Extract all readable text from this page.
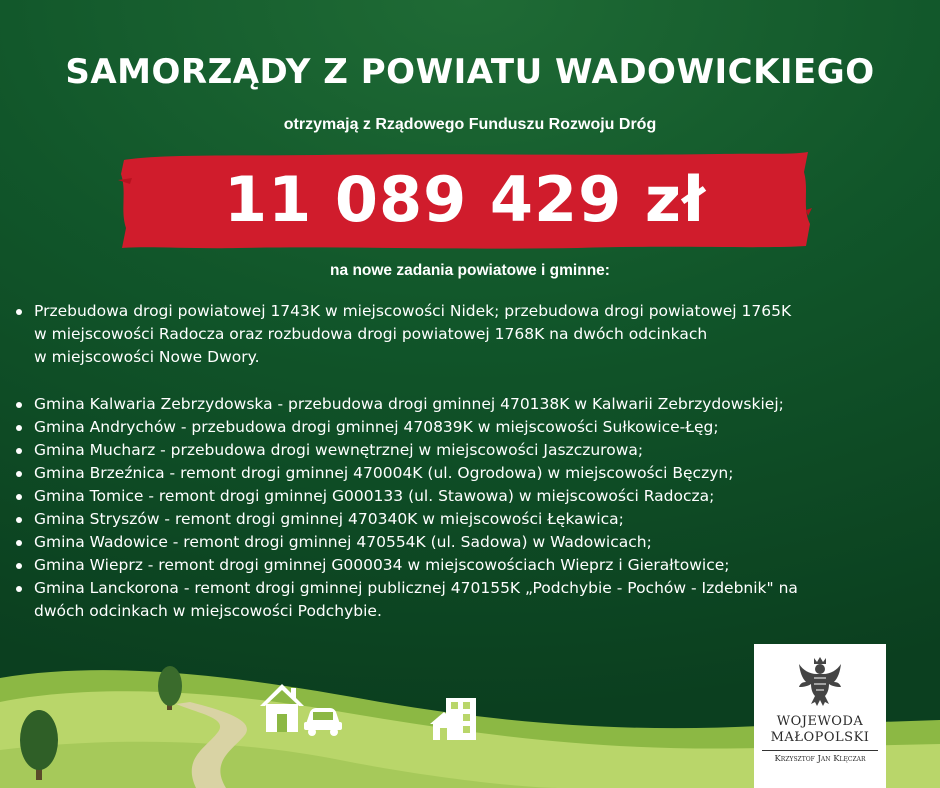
SAMORZĄDY Z POWIATU WADOWICKIEGO

otrzymają z Rządowego Funduszu Rozwoju Dróg

11 089 429 zł

na nowe zadania powiatowe i gminne:

Przebudowa drogi powiatowej 1743K w miejscowości Nidek; przebudowa drogi powiatowej 1765K
w miejscowości Radocza oraz rozbudowa drogi powiatowej 1768K na dwóch odcinkach
w miejscowości Nowe Dwory.
Gmina Kalwaria Zebrzydowska - przebudowa drogi gminnej 470138K w Kalwarii Zebrzydowskiej;
Gmina Andrychów - przebudowa drogi gminnej 470839K w miejscowości Sułkowice-Łęg;
Gmina Mucharz - przebudowa drogi wewnętrznej w miejscowości Jaszczurowa;
Gmina Brzeźnica - remont drogi gminnej 470004K (ul. Ogrodowa) w miejscowości Bęczyn;
Gmina Tomice - remont drogi gminnej G000133 (ul. Stawowa) w miejscowości Radocza;
Gmina Stryszów - remont drogi gminnej 470340K w miejscowości Łękawica;
Gmina Wadowice - remont drogi gminnej 470554K (ul. Sadowa) w Wadowicach;
Gmina Wieprz - remont drogi gminnej G000034 w miejscowościach Wieprz i Gierałtowice;
Gmina Lanckorona - remont drogi gminnej publicznej 470155K „Podchybie - Pochów - Izdebnik" na
dwóch odcinkach w miejscowości Podchybie.

WOJEWODA

MAŁOPOLSKI

Krzysztof Jan Klęczar
